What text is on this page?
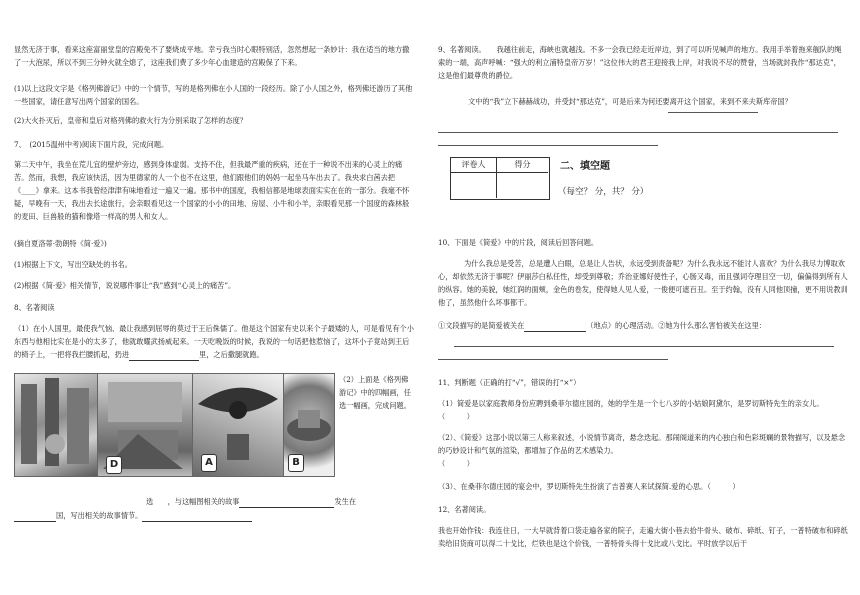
显然无济于事，看来这座富丽堂皇的宫殿免不了要烧成平地。幸亏我当时心眼特别活，忽然想起一条妙计：我在适当的地方撒了一大泡尿，所以不到三分钟火就全熄了，这座我们费了多少年心血建造的宫殿保了下来。

(1)以上这段文字是《格列佛游记》中的一个情节，写的是格列佛在小人国的一段经历。除了小人国之外，格列佛还游历了其他一些国家，请任意写出两个国家的国名。

(2)大火扑灭后，皇帝和皇后对格列佛的救火行为分别采取了怎样的态度？

7、　(2015温州中考)阅读下面片段，完成问题。

第二天中午，我坐在荒儿宜的壁炉旁边，感到身体虚弱。支持不住，但我最严重的疾病，还在于一种说不出来的心灵上的痛苦。然而，我想，我应该快活，因为里德家的人一个也不在这里，他们跟他们的妈妈一起坐马车出去了。我央求白茜去把《____》拿来。这本书我曾经津津有味地看过一遍又一遍。那书中的国度，我相信都是地球表面实实在在的一部分。我毫不怀疑，早晚有一天，我出去长途旅行，会亲眼看见这一个国家的小小的田地、房屋、小牛和小羊，亲眼看见那一个国度的森林般的麦田、巨兽般的猫和像塔一样高的男人和女人。

(摘自夏洛蒂·勃朗特《简·爱》)

(1)根据上下文，写出空缺处的书名。

(2)根据《简·爱》相关情节，说说哪件事让“我”感到“心灵上的痛苦”。

8、名著阅读

（1）在小人国里，最使我气恼、最让我感到屈辱的莫过于王后侏儒了。他是这个国家有史以来个子最矮的人，可是看见有个小东西与他相比实在是小的太多了，他就敢耀武扬威起来。一天吃晚饭的时候，我说的一句话把他惹恼了，这坏小子竟站到王后的椅子上，一把将我拦腰抓起，扔进	里，之后撒腿就跑。

D	A	B

（2）上面是《格列佛游记》中的四幅画，任选一幅画，完成问题。

选　　，与这幅图相关的故事	发生在

国，写出相关的故事情节。

9、名著阅读。　　我越往前走，海峡也就越浅。不多一会我已经走近岸边，到了可以听见喊声的地方。我用手举着拖来舰队的绳索的一端，高声呼喊：“强大的利立浦特皇帝万岁！”这位伟大的君王迎接我上岸，对我说不尽的赞誉，当场就封我作“那达克”，这是他们最尊贵的爵位。

文中的“我”立下赫赫战功，并受封“那达克”，可是后来为何还要离开这个国家，来到不来夫斯库帝国？

评卷人	得分	二、填空题
（每空？ 分，共？ 分）

10、下面是《简爱》中的片段，阅读后回答问题。

为什么我总是受苦，总是遭人白眼，总是让人告状，永远受到责备呢？为什么我永远不能讨人喜欢？为什么我尽力博取欢心，却依然无济于事呢？伊丽莎白私任性，却受到尊敬；乔治亚娜好使性子，心肠又毒，而且强词夺理目空一切，偏偏得到所有人的纵容。她的美貌，她红润的面颊，金色的卷发，使得她人见人爱，一俊便可遮百丑。至于约翰，没有人同他顶撞，更不用说教训他了，虽然他什么坏事都干。

①文段描写的是简爱被关在	（地点）的心理活动。②她为什么那么害怕被关在这里：

11、判断题（正确的打“√”，错误的打“×”）

（1）简爱是以家庭教师身份应聘到桑菲尔德庄园的，她的学生是一个七八岁的小姑娘阿黛尔，是罗切斯特先生的亲女儿。（　　　）

（2）、《简爱》这部小说以第三人称来叙述，小说情节离奇，悬念迭起。那闹阁道来的内心独白和色彩斑斓的景物描写，以及悬念的巧妙设计和气氛的渲染，都增加了作品的艺术感染力。

（　　　）

（3）、在桑菲尔德庄园的宴会中，罗切斯特先生扮演了吉普赛人来试探简.爱的心思。（　　　）

12、名著阅读。

我也开始作钱：我连住日，一大早就背着口袋走遍各家的院子，走遍大街小巷去拾牛骨头、破布、碎纸、钉子，一普特破布和碎纸卖给旧货商可以得二十戈比，烂铁也是这个价钱，一普特骨头得十戈比或八戈比。平时放学以后干
